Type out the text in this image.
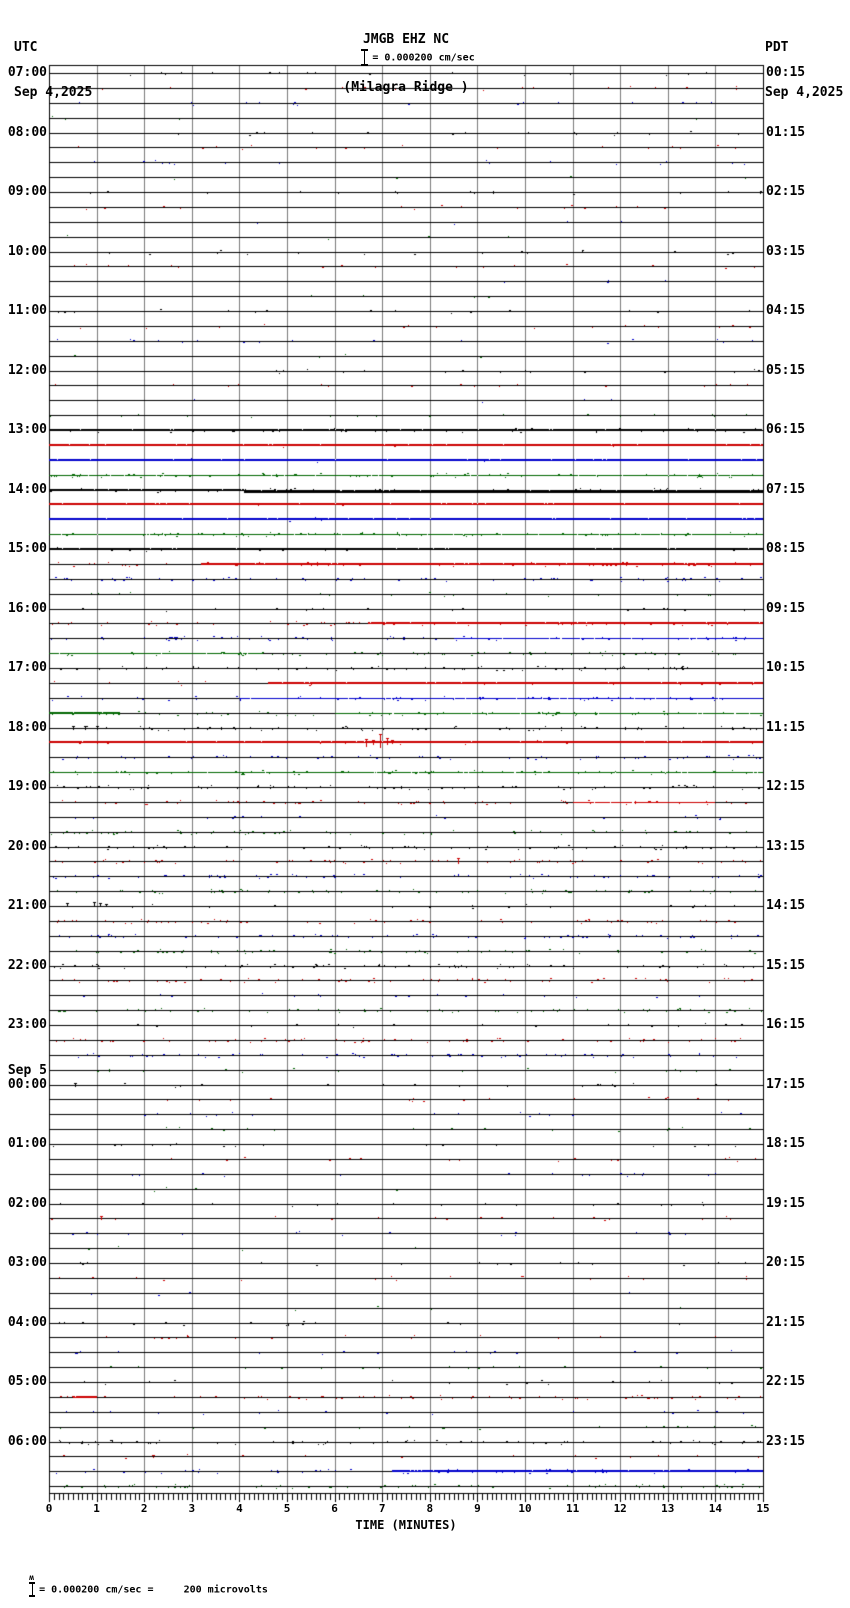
UTC

Sep 4,2025

PDT

Sep 4,2025

JMGB EHZ NC

(Milagra Ridge )

= 0.000200 cm/sec

07:00
08:00
09:00
10:00
11:00
12:00
13:00
14:00
15:00
16:00
17:00
18:00
19:00
20:00
21:00
22:00
23:00
00:00
01:00
02:00
03:00
04:00
05:00
06:00
Sep 5
00:15
01:15
02:15
03:15
04:15
05:15
06:15
07:15
08:15
09:15
10:15
11:15
12:15
13:15
14:15
15:15
16:15
17:15
18:15
19:15
20:15
21:15
22:15
23:15
0	1	2	3	4	5	6	7	8	9	10	11	12	13	14	15
TIME (MINUTES)

ʍ
= 0.000200 cm/sec =     200 microvolts
